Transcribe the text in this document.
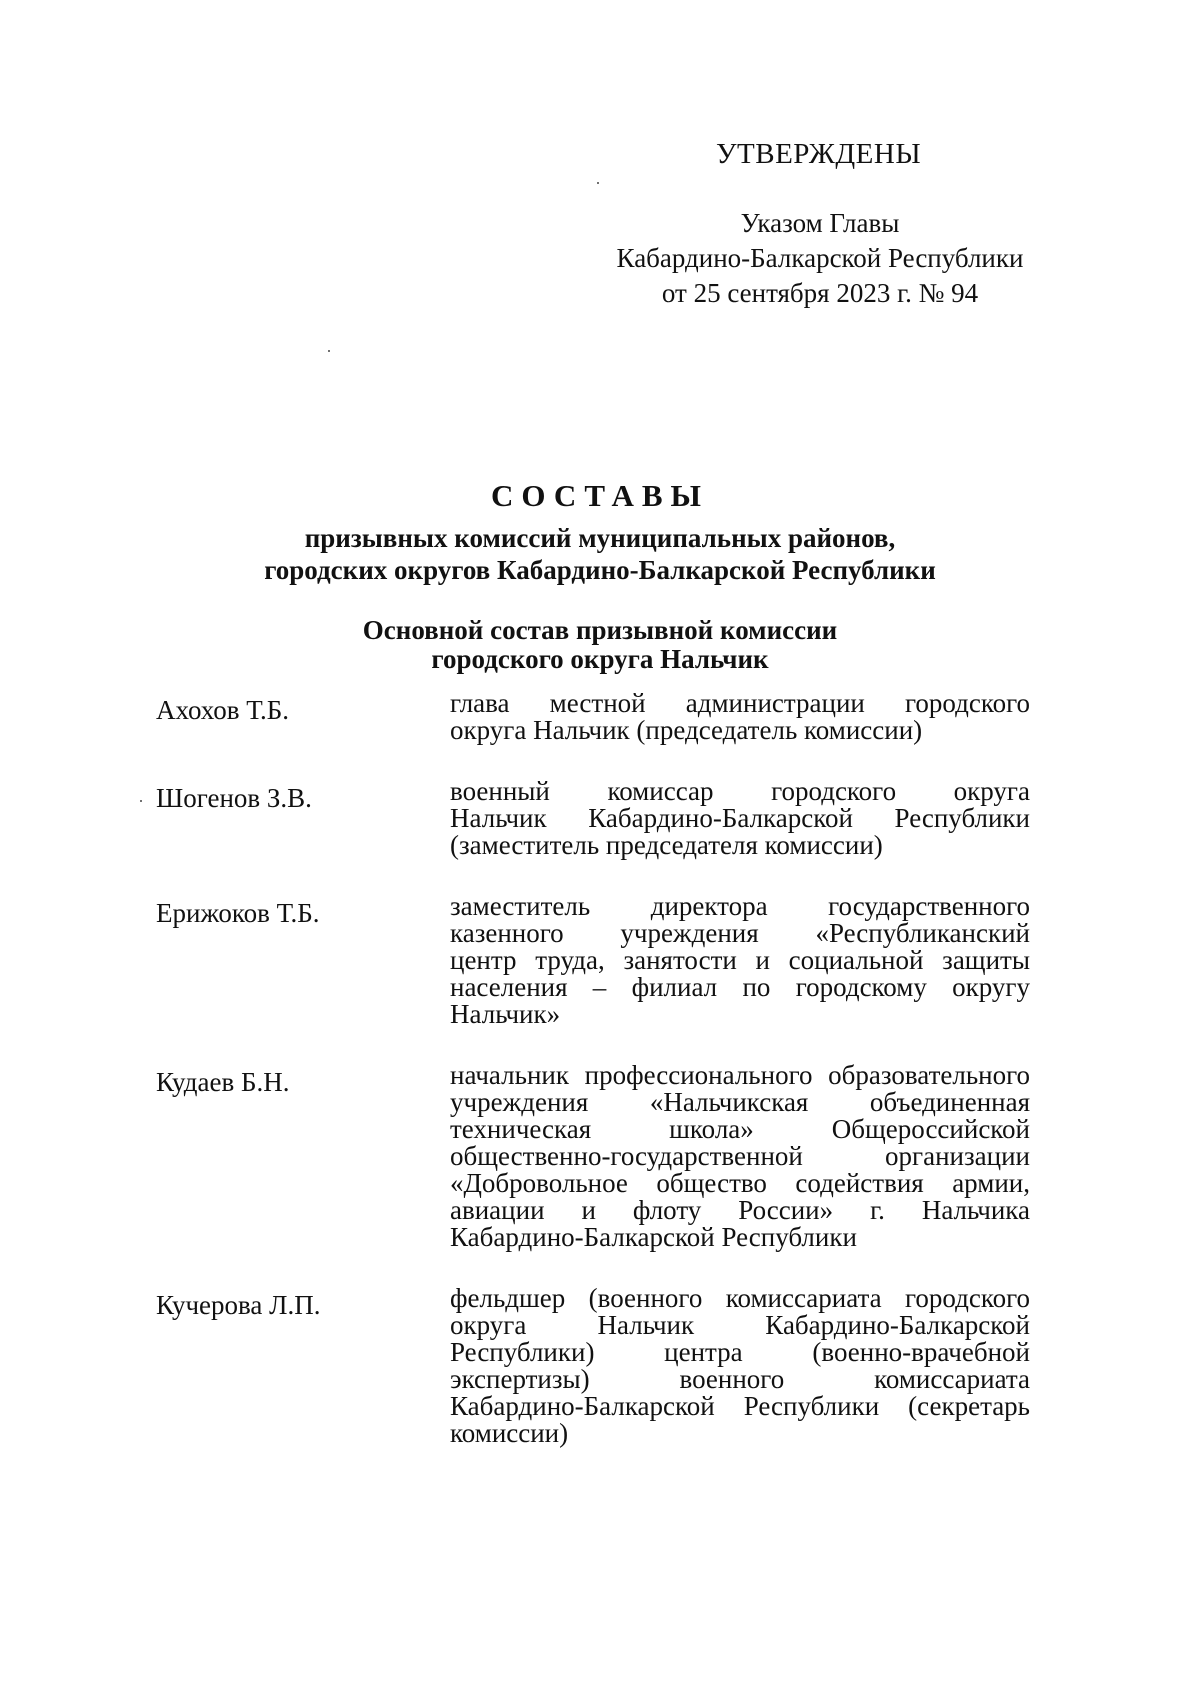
УТВЕРЖДЕНЫ
Указом Главы
Кабардино-Балкарской Республики
от 25 сентября 2023 г. № 94
СОСТАВЫ
призывных комиссий муниципальных районов,
городских округов Кабардино-Балкарской Республики
Основной состав призывной комиссии
городского округа Нальчик
Ахохов Т.Б.	глава местной администрации городского
округа Нальчик (председатель комиссии)
Шогенов З.В.	военный комиссар городского округа
Нальчик Кабардино-Балкарской Республики
(заместитель председателя комиссии)
Ерижоков Т.Б.	заместитель директора государственного
казенного учреждения «Республиканский
центр труда, занятости и социальной защиты
населения – филиал по городскому округу
Нальчик»
Кудаев Б.Н.	начальник профессионального образовательного
учреждения «Нальчикская объединенная
техническая школа» Общероссийской
общественно-государственной организации
«Добровольное общество содействия армии,
авиации и флоту России» г. Нальчика
Кабардино-Балкарской Республики
Кучерова Л.П.	фельдшер (военного комиссариата городского
округа Нальчик Кабардино-Балкарской
Республики) центра (военно-врачебной
экспертизы) военного комиссариата
Кабардино-Балкарской Республики (секретарь
комиссии)
